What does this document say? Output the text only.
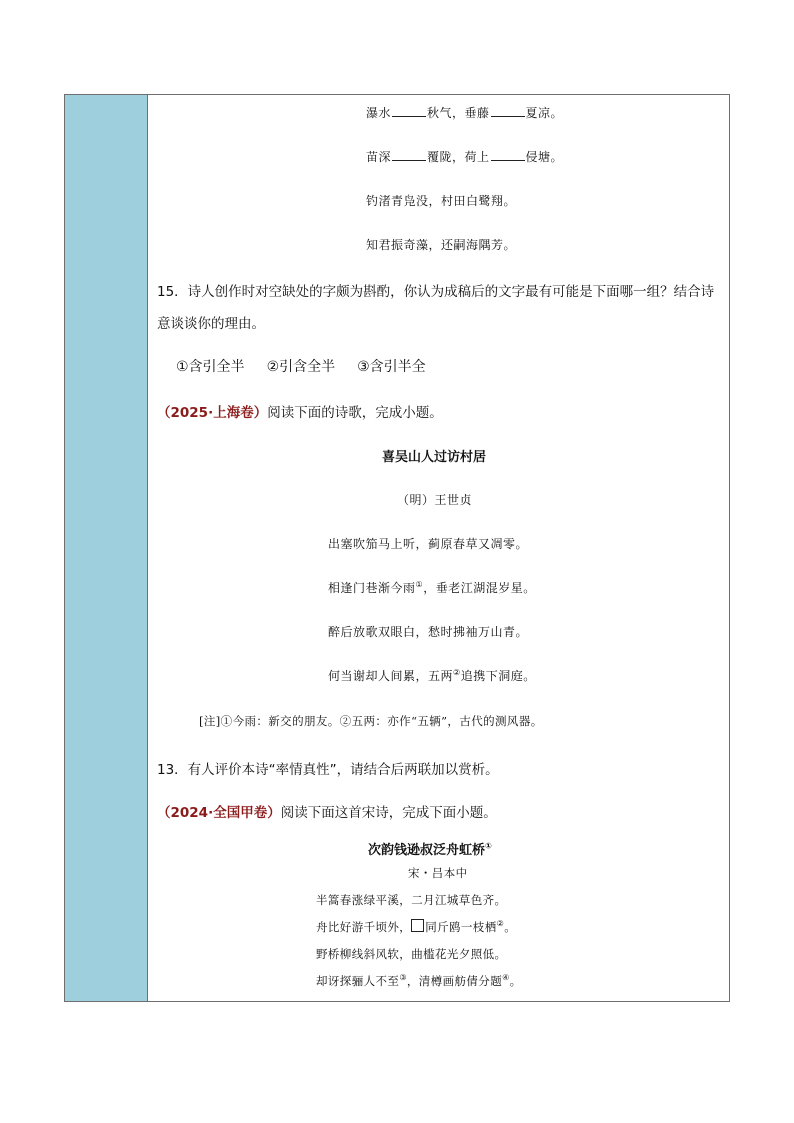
瀑水	秋气，垂藤	夏凉。
苗深	覆陇，荷上	侵塘。
钓渚青凫没，村田白鹭翔。
知君振奇藻，还嗣海隅芳。
15．诗人创作时对空缺处的字颇为斟酌，你认为成稿后的文字最有可能是下面哪一组？结合诗
意谈谈你的理由。
①含引全半 ②引含全半 ③含引半全
（2025·上海卷）阅读下面的诗歌，完成小题。
喜吴山人过访村居
（明）王世贞
出塞吹笳马上听，蓟原春草又凋零。
相逢门巷渐今雨①，垂老江湖混岁星。
醉后放歌双眼白，愁时拂袖万山青。
何当谢却人间累，五两②追携下洞庭。
[注]①今雨：新交的朋友。②五两：亦作“五辆”，古代的测风器。
13．有人评价本诗“率情真性”，请结合后两联加以赏析。
（2024·全国甲卷）阅读下面这首宋诗，完成下面小题。
次韵钱逊叔泛舟虹桥①
宋・吕本中
半篙春涨绿平溪，二月江城草色齐。
舟比好游千顷外， 同斤鸥一枝栖②。
野桥柳线斜风软，曲槛花光夕照低。
却讶探骊人不至③，清樽画舫倩分题④。
